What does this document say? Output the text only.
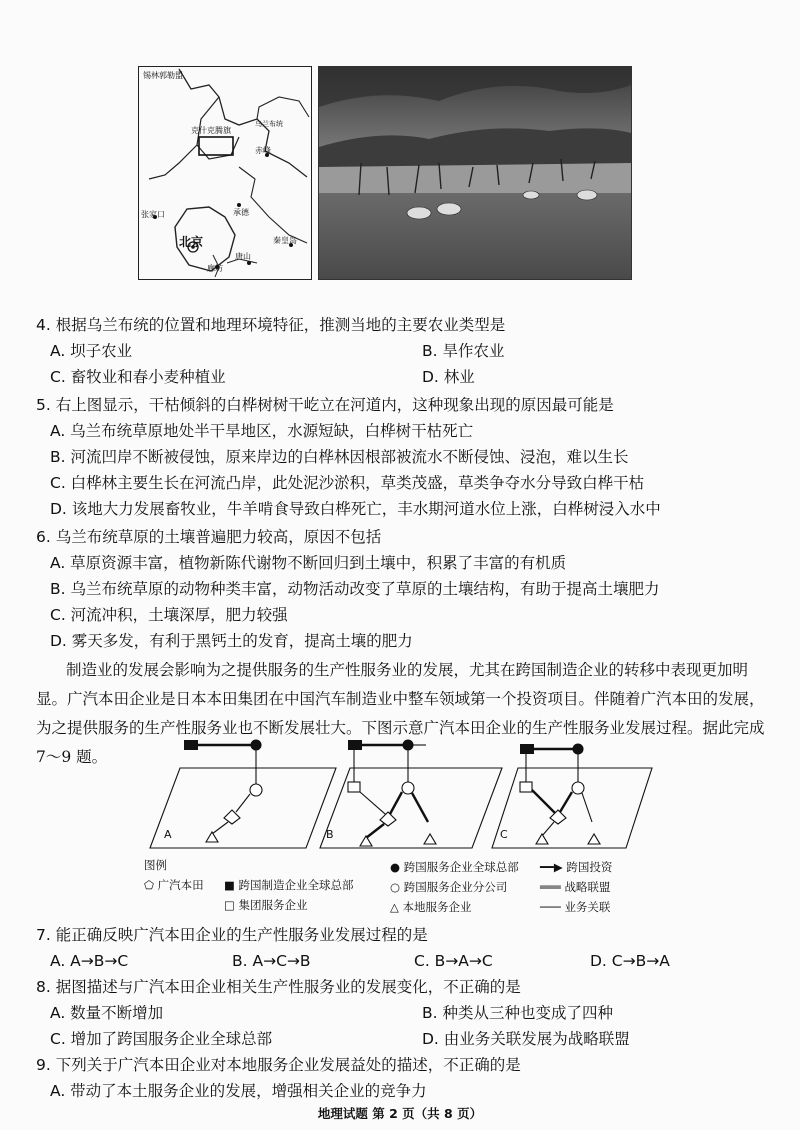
锡林郭勒盟
克什克腾旗
乌兰布统
赤峰
承德
张家口
北京	秦皇岛
唐山
廊坊
4. 根据乌兰布统的位置和地理环境特征，推测当地的主要农业类型是
A. 坝子农业	B. 旱作农业
C. 畜牧业和春小麦种植业	D. 林业
5. 右上图显示，干枯倾斜的白桦树树干屹立在河道内，这种现象出现的原因最可能是
A. 乌兰布统草原地处半干旱地区，水源短缺，白桦树干枯死亡
B. 河流凹岸不断被侵蚀，原来岸边的白桦林因根部被流水不断侵蚀、浸泡，难以生长
C. 白桦林主要生长在河流凸岸，此处泥沙淤积，草类茂盛，草类争夺水分导致白桦干枯
D. 该地大力发展畜牧业，牛羊啃食导致白桦死亡，丰水期河道水位上涨，白桦树浸入水中
6. 乌兰布统草原的土壤普遍肥力较高，原因不包括
A. 草原资源丰富，植物新陈代谢物不断回归到土壤中，积累了丰富的有机质
B. 乌兰布统草原的动物种类丰富，动物活动改变了草原的土壤结构，有助于提高土壤肥力
C. 河流冲积，土壤深厚，肥力较强
D. 雾天多发，有利于黑钙土的发育，提高土壤的肥力
制造业的发展会影响为之提供服务的生产性服务业的发展，尤其在跨国制造企业的转移中表现更加明显。广汽本田企业是日本本田集团在中国汽车制造业中整车领域第一个投资项目。伴随着广汽本田的发展，为之提供服务的生产性服务业也不断发展壮大。下图示意广汽本田企业的生产性服务业发展过程。据此完成 7～9 题。
A	B	C
图例
⬠ 广汽本田 ■ 跨国制造企业全球总部
□ 集团服务企业
● 跨国服务企业全球总部
○ 跨国服务企业分公司
△ 本地服务企业
━━▶ 跨国投资
═══ 战略联盟
─── 业务关联
7. 能正确反映广汽本田企业的生产性服务业发展过程的是
A. A→B→C	B. A→C→B	C. B→A→C	D. C→B→A
8. 据图描述与广汽本田企业相关生产性服务业的发展变化，不正确的是
A. 数量不断增加	B. 种类从三种也变成了四种
C. 增加了跨国服务企业全球总部	D. 由业务关联发展为战略联盟
9. 下列关于广汽本田企业对本地服务企业发展益处的描述，不正确的是
A. 带动了本土服务企业的发展，增强相关企业的竞争力
地理试题 第 2 页（共 8 页）
